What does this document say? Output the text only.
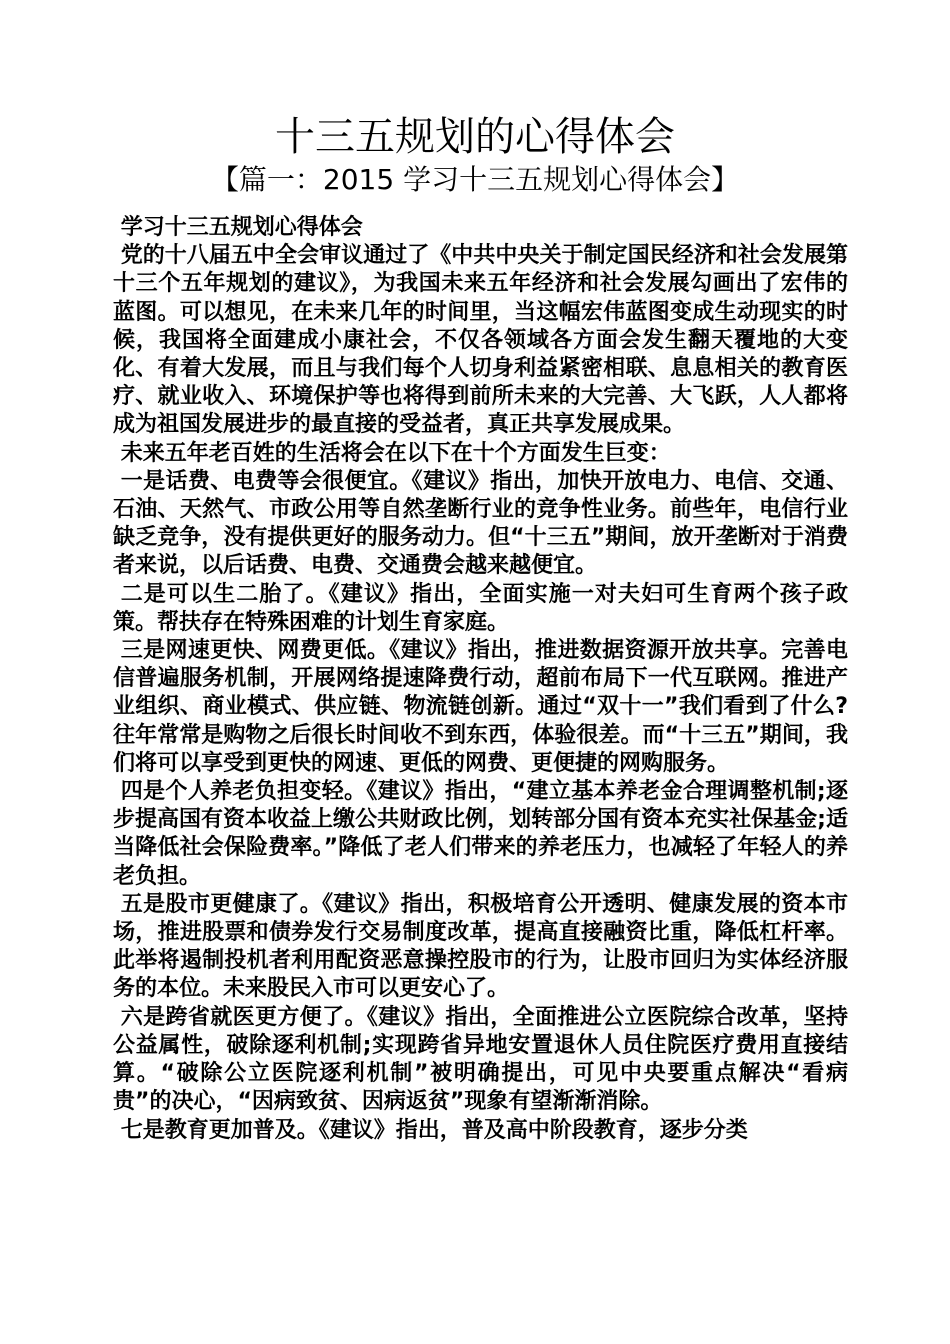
十三五规划的心得体会
【篇一：2015 学习十三五规划心得体会】

学习十三五规划心得体会

党的十八届五中全会审议通过了《中共中央关于制定国民经济和社会发展第十三个五年规划的建议》，为我国未来五年经济和社会发展勾画出了宏伟的蓝图。可以想见，在未来几年的时间里，当这幅宏伟蓝图变成生动现实的时候，我国将全面建成小康社会，不仅各领域各方面会发生翻天覆地的大变化、有着大发展，而且与我们每个人切身利益紧密相联、息息相关的教育医疗、就业收入、环境保护等也将得到前所未来的大完善、大飞跃，人人都将成为祖国发展进步的最直接的受益者，真正共享发展成果。

未来五年老百姓的生活将会在以下在十个方面发生巨变：

一是话费、电费等会很便宜。《建议》指出，加快开放电力、电信、交通、石油、天然气、市政公用等自然垄断行业的竞争性业务。前些年，电信行业缺乏竞争，没有提供更好的服务动力。但“十三五”期间，放开垄断对于消费者来说，以后话费、电费、交通费会越来越便宜。

二是可以生二胎了。《建议》指出，全面实施一对夫妇可生育两个孩子政策。帮扶存在特殊困难的计划生育家庭。

三是网速更快、网费更低。《建议》指出，推进数据资源开放共享。完善电信普遍服务机制，开展网络提速降费行动，超前布局下一代互联网。推进产业组织、商业模式、供应链、物流链创新。通过“双十一”我们看到了什么?往年常常是购物之后很长时间收不到东西，体验很差。而“十三五”期间，我们将可以享受到更快的网速、更低的网费、更便捷的网购服务。

四是个人养老负担变轻。《建议》指出，“建立基本养老金合理调整机制;逐步提高国有资本收益上缴公共财政比例，划转部分国有资本充实社保基金;适当降低社会保险费率。”降低了老人们带来的养老压力，也减轻了年轻人的养老负担。

五是股市更健康了。《建议》指出，积极培育公开透明、健康发展的资本市场，推进股票和债券发行交易制度改革，提高直接融资比重，降低杠杆率。此举将遏制投机者利用配资恶意操控股市的行为，让股市回归为实体经济服务的本位。未来股民入市可以更安心了。

六是跨省就医更方便了。《建议》指出，全面推进公立医院综合改革，坚持公益属性，破除逐利机制;实现跨省异地安置退休人员住院医疗费用直接结算。“破除公立医院逐利机制”被明确提出，可见中央要重点解决“看病贵”的决心，“因病致贫、因病返贫”现象有望渐渐消除。

七是教育更加普及。《建议》指出，普及高中阶段教育，逐步分类
